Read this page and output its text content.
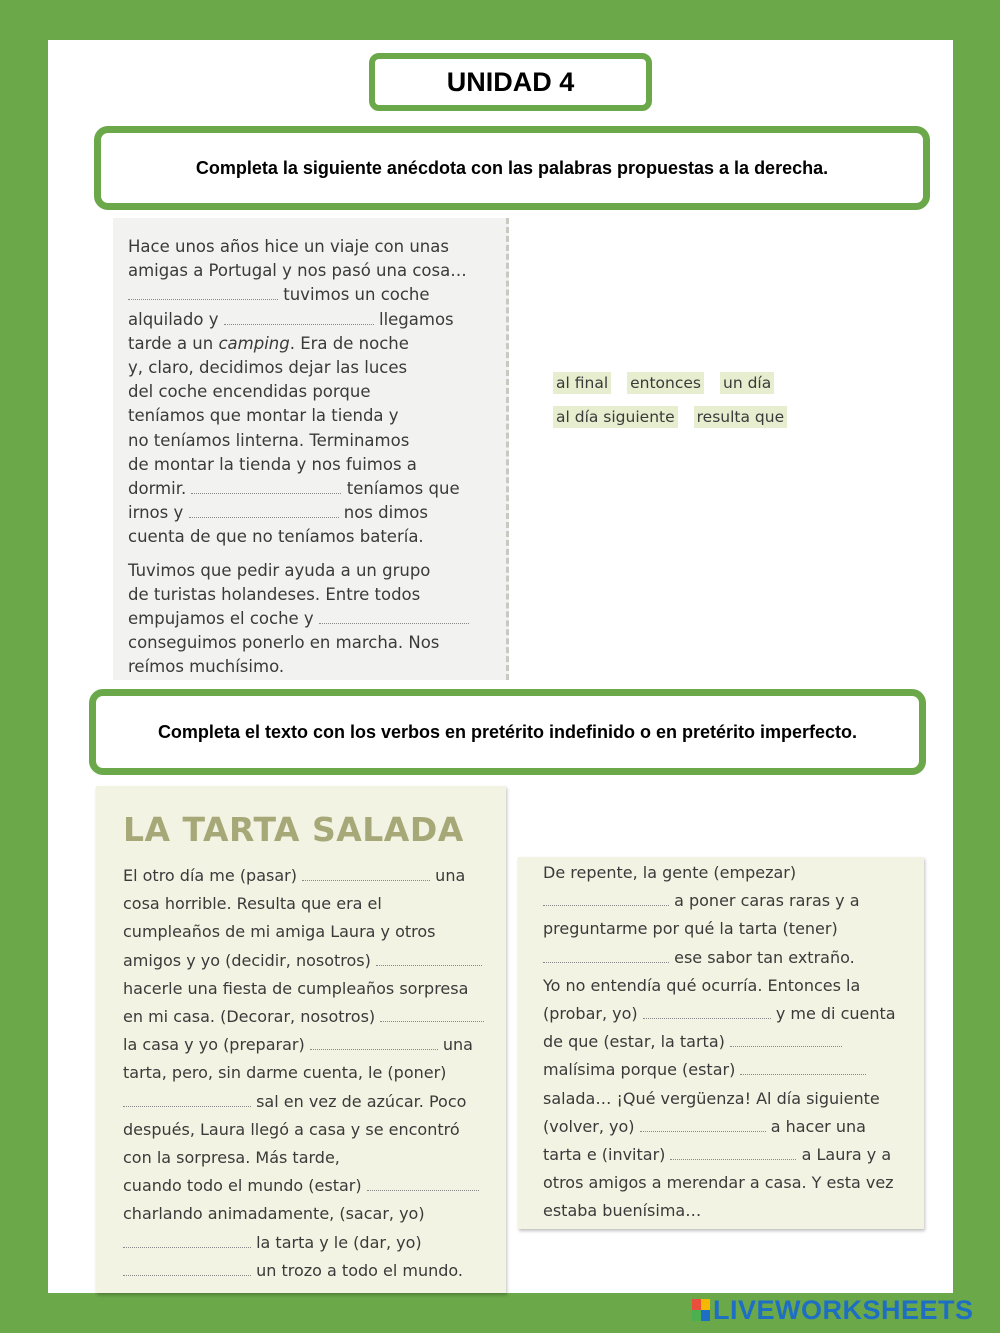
UNIDAD 4
Completa la siguiente anécdota con las palabras propuestas a la derecha.

Hace unos años hice un viaje con unas
amigas a Portugal y nos pasó una cosa…
tuvimos un coche
alquilado y	llegamos
tarde a un camping. Era de noche
y, claro, decidimos dejar las luces
del coche encendidas porque
teníamos que montar la tienda y
no teníamos linterna. Terminamos
de montar la tienda y nos fuimos a
dormir.	teníamos que
irnos y	nos dimos
cuenta de que no teníamos batería.

Tuvimos que pedir ayuda a un grupo
de turistas holandeses. Entre todos
empujamos el coche y
conseguimos ponerlo en marcha. Nos
reímos muchísimo.

al final entonces un día
al día siguiente resulta que
Completa el texto con los verbos en pretérito indefinido o en pretérito imperfecto.
LA TARTA SALADA
El otro día me (pasar)	una
cosa horrible. Resulta que era el
cumpleaños de mi amiga Laura y otros
amigos y yo (decidir, nosotros)
hacerle una fiesta de cumpleaños sorpresa
en mi casa. (Decorar, nosotros)
la casa y yo (preparar)	una
tarta, pero, sin darme cuenta, le (poner)
sal en vez de azúcar. Poco
después, Laura llegó a casa y se encontró
con la sorpresa. Más tarde,
cuando todo el mundo (estar)
charlando animadamente, (sacar, yo)
la tarta y le (dar, yo)
un trozo a todo el mundo.
De repente, la gente (empezar)
a poner caras raras y a
preguntarme por qué la tarta (tener)
ese sabor tan extraño.
Yo no entendía qué ocurría. Entonces la
(probar, yo)	y me di cuenta
de que (estar, la tarta)
malísima porque (estar)
salada… ¡Qué vergüenza! Al día siguiente
(volver, yo)	a hacer una
tarta e (invitar)	a Laura y a
otros amigos a merendar a casa. Y esta vez
estaba buenísima…
LIVEWORKSHEETS
